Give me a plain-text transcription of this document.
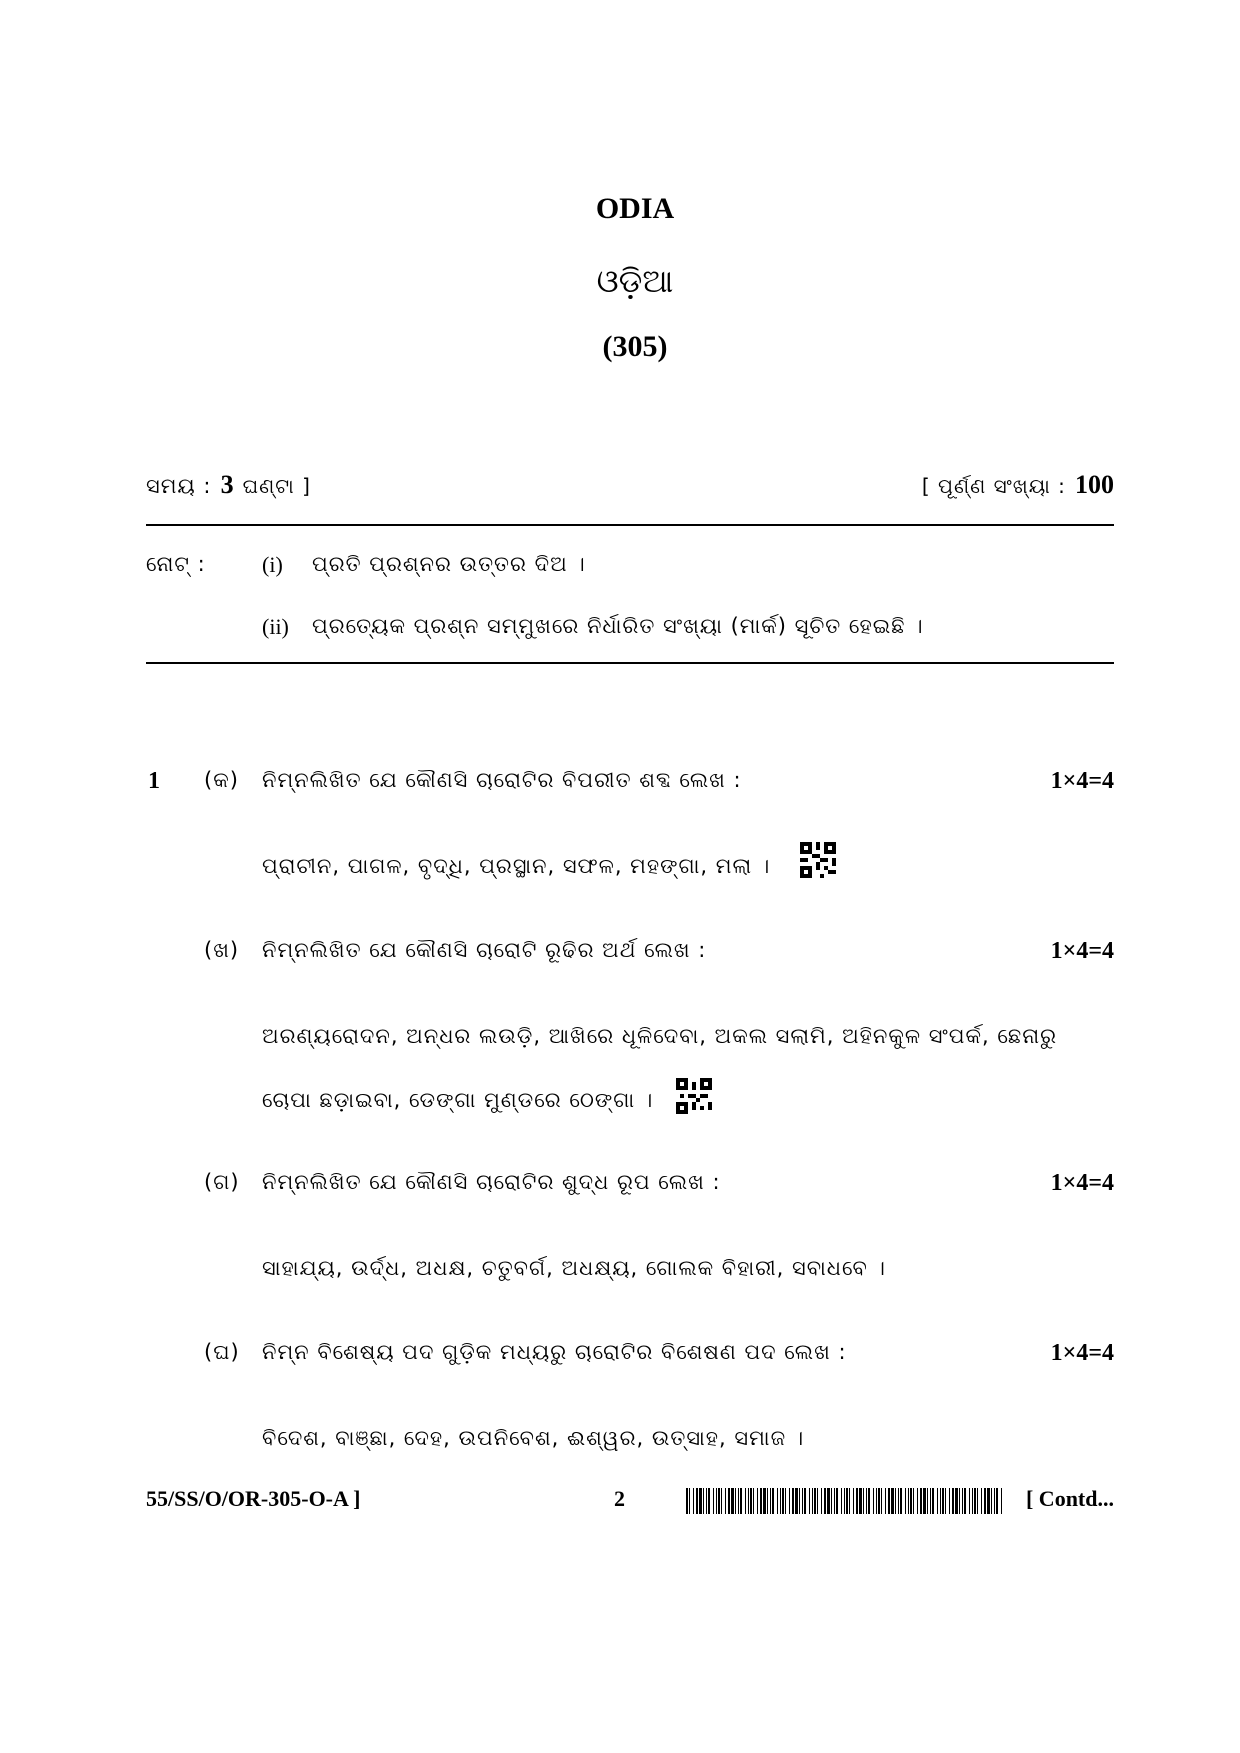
ODIA
ଓଡ଼ିଆ
(305)
ସମୟ : 3 ଘଣ୍ଟା ]	[ ପୂର୍ଣ୍ଣ ସଂଖ୍ୟା : 100
ନୋଟ୍ :	(i) ପ୍ରତି ପ୍ରଶ୍ନର ଉତ୍ତର ଦିଅ ।
(ii) ପ୍ରତ୍ୟେକ ପ୍ରଶ୍ନ ସମ୍ମୁଖରେ ନିର୍ଧାରିତ ସଂଖ୍ୟା (ମାର୍କ) ସୂଚିତ ହେଇଛି ।
1 (କ) ନିମ୍ନଲିଖିତ ଯେ କୌଣସି ଚାରୋଟିର ବିପରୀତ ଶବ୍ଦ ଲେଖ :	1×4=4
ପ୍ରାଚୀନ, ପାଗଳ, ବୃଦ୍ଧି, ପ୍ରସ୍ଥାନ, ସଫଳ, ମହଙ୍ଗା, ମଲା ।
(ଖ) ନିମ୍ନଲିଖିତ ଯେ କୌଣସି ଚାରୋଟି ରୂଢିର ଅର୍ଥ ଲେଖ :	1×4=4
ଅରଣ୍ୟରୋଦନ, ଅନ୍ଧର ଲଉଡ଼ି, ଆଖିରେ ଧୂଳିଦେବା, ଅକଲ ସଲାମି, ଅହିନକୁଳ ସଂପର୍କ, ଛେନାରୁ
ଚୋପା ଛଡ଼ାଇବା, ଡେଙ୍ଗା ମୁଣ୍ଡରେ ଠେଙ୍ଗା ।
(ଗ) ନିମ୍ନଲିଖିତ ଯେ କୌଣସି ଚାରୋଟିର ଶୁଦ୍ଧ ରୂପ ଲେଖ :	1×4=4
ସାହାଯ୍ୟ, ଉର୍ଦ୍ଧ, ଅଧକ୍ଷ, ଚତୁବର୍ଗ, ଅଧକ୍ଷ୍ୟ, ଗୋଲକ ବିହାରୀ, ସବାଧବେ ।
(ଘ) ନିମ୍ନ ବିଶେଷ୍ୟ ପଦ ଗୁଡ଼ିକ ମଧ୍ୟରୁ ଚାରୋଟିର ବିଶେଷଣ ପଦ ଲେଖ :	1×4=4
ବିଦେଶ, ବାଞ୍ଛା, ଦେହ, ଉପନିବେଶ, ଈଶ୍ୱର, ଉତ୍ସାହ, ସମାଜ ।
55/SS/O/OR-305-O-A ]	2	[ Contd...
